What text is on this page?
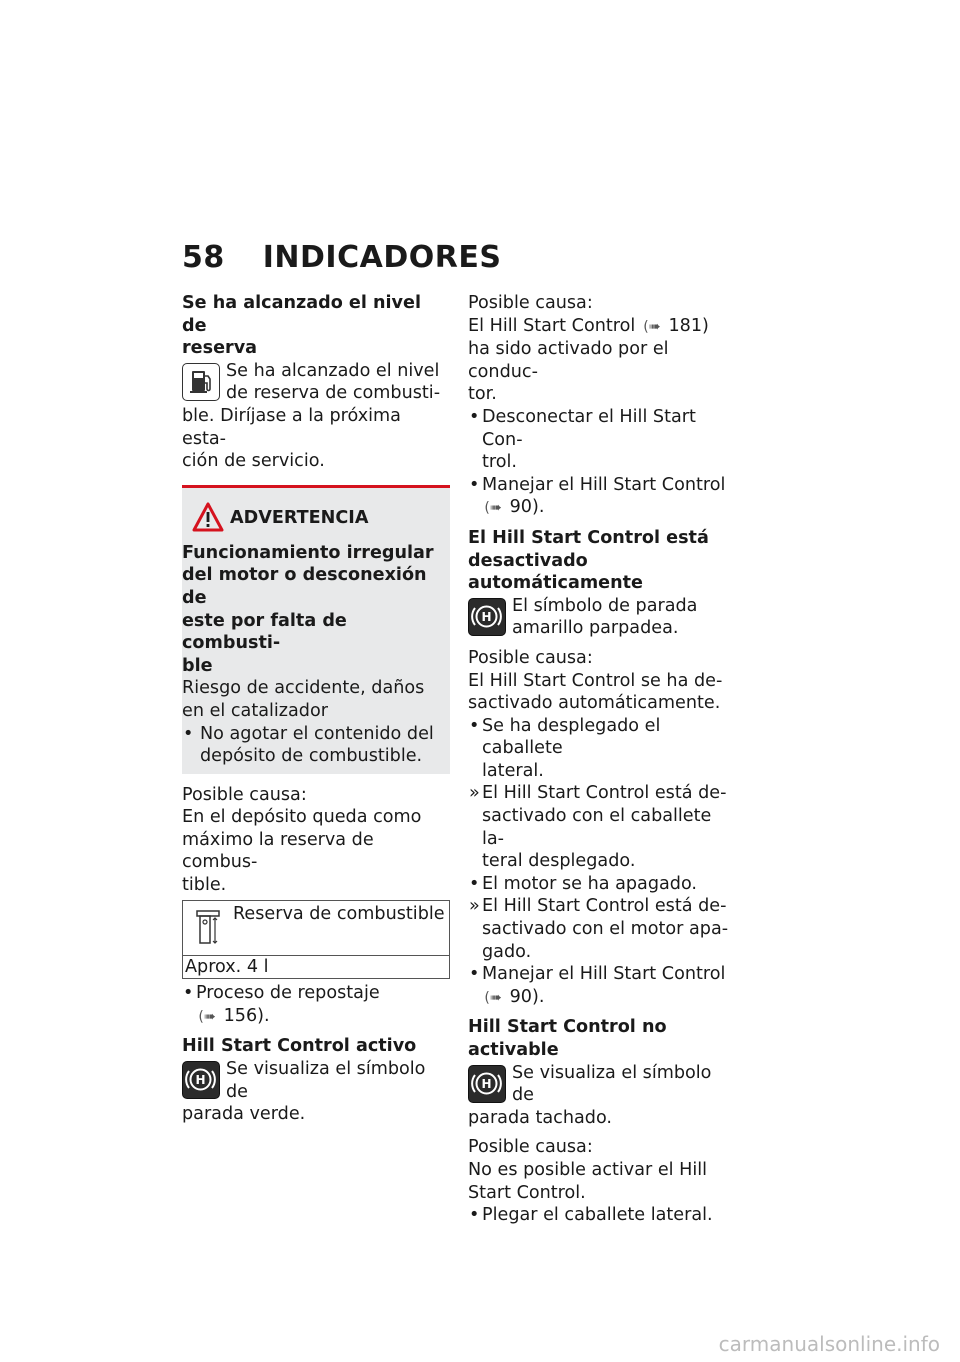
58 INDICADORES
Se ha alcanzado el nivel de
reserva
Se ha alcanzado el nivel
de reserva de combusti-
ble. Diríjase a la próxima esta-
ción de servicio.
ADVERTENCIA
Funcionamiento irregular
del motor o desconexión de
este por falta de combusti-
ble
Riesgo de accidente, daños
en el catalizador
• No agotar el contenido del
depósito de combustible.
Posible causa:
En el depósito queda como
máximo la reserva de combus-
tible.
Reserva de combustible
Aprox. 4 l
• Proceso de repostaje
(➠ 156).
Hill Start Control activo
H
Se visualiza el símbolo de
parada verde.
Posible causa:
El Hill Start Control (➠ 181)
ha sido activado por el conduc-
tor.
• Desconectar el Hill Start Con-
trol.
• Manejar el Hill Start Control
(➠ 90).
El Hill Start Control está
desactivado automáticamente
H
El símbolo de parada
amarillo parpadea.
Posible causa:
El Hill Start Control se ha de-
sactivado automáticamente.
• Se ha desplegado el caballete
lateral.
» El Hill Start Control está de-
sactivado con el caballete la-
teral desplegado.
• El motor se ha apagado.
» El Hill Start Control está de-
sactivado con el motor apa-
gado.
• Manejar el Hill Start Control
(➠ 90).
Hill Start Control no activable
H
Se visualiza el símbolo de
parada tachado.
Posible causa:
No es posible activar el Hill
Start Control.
• Plegar el caballete lateral.
carmanualsonline.info
